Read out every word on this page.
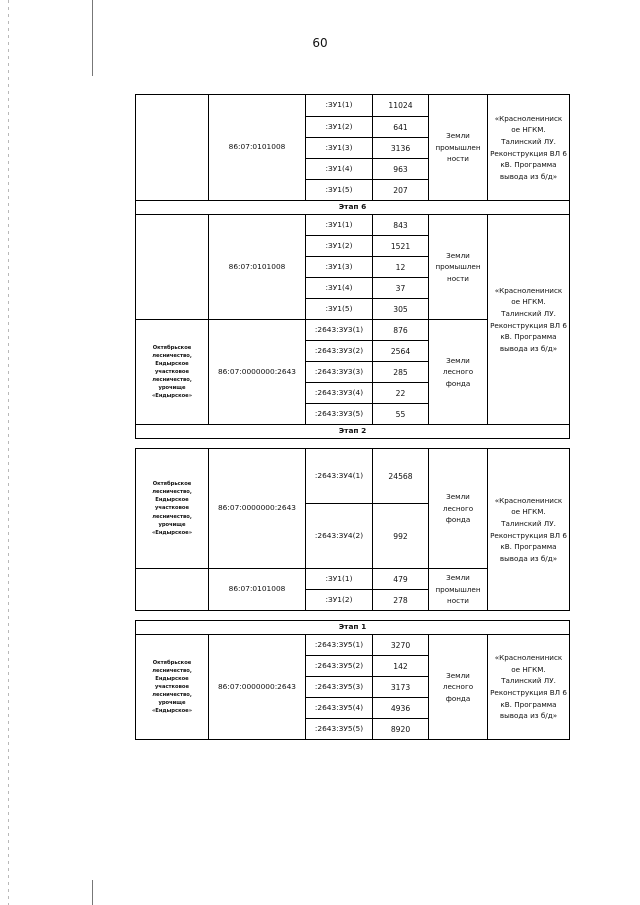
60
	86:07:0101008	:ЗУ1(1)	11024	Земли промышлен ности	«Краснолениниск ое НГКМ. Талинский ЛУ. Реконструкция ВЛ 6 кВ. Программа вывода из б/д»
		:ЗУ1(2)	641		
		:ЗУ1(3)	3136		
		:ЗУ1(4)	963		
		:ЗУ1(5)	207		
Этап 6					
	86:07:0101008	:ЗУ1(1)	843	Земли промышлен ности	«Краснолениниск ое НГКМ. Талинский ЛУ. Реконструкция ВЛ 6 кВ. Программа вывода из б/д»
		:ЗУ1(2)	1521		
		:ЗУ1(3)	12		
		:ЗУ1(4)	37		
		:ЗУ1(5)	305		
Октябрьское лесничество, Ендырское участковое лесничество, урочище «Ендырское»	86:07:0000000:2643	:2643:ЗУ3(1)	876	Земли лесного фонда	
		:2643:ЗУ3(2)	2564		
		:2643:ЗУ3(3)	285		
		:2643:ЗУ3(4)	22		
		:2643:ЗУ3(5)	55		
Этап 2					

Октябрьское лесничество, Ендырское участковое лесничество, урочище «Ендырское»	86:07:0000000:2643	:2643:ЗУ4(1)	24568	Земли лесного фонда	«Краснолениниск ое НГКМ. Талинский ЛУ. Реконструкция ВЛ 6 кВ. Программа вывода из б/д»
		:2643:ЗУ4(2)	992		
	86:07:0101008	:ЗУ1(1)	479	Земли промышлен ности	
		:ЗУ1(2)	278		

Этап 1					
Октябрьское лесничество, Ендырское участковое лесничество, урочище «Ендырское»	86:07:0000000:2643	:2643:ЗУ5(1)	3270	Земли лесного фонда	«Краснолениниск ое НГКМ. Талинский ЛУ. Реконструкция ВЛ 6 кВ. Программа вывода из б/д»
		:2643:ЗУ5(2)	142		
		:2643:ЗУ5(3)	3173		
		:2643:ЗУ5(4)	4936		
		:2643:ЗУ5(5)	8920		
